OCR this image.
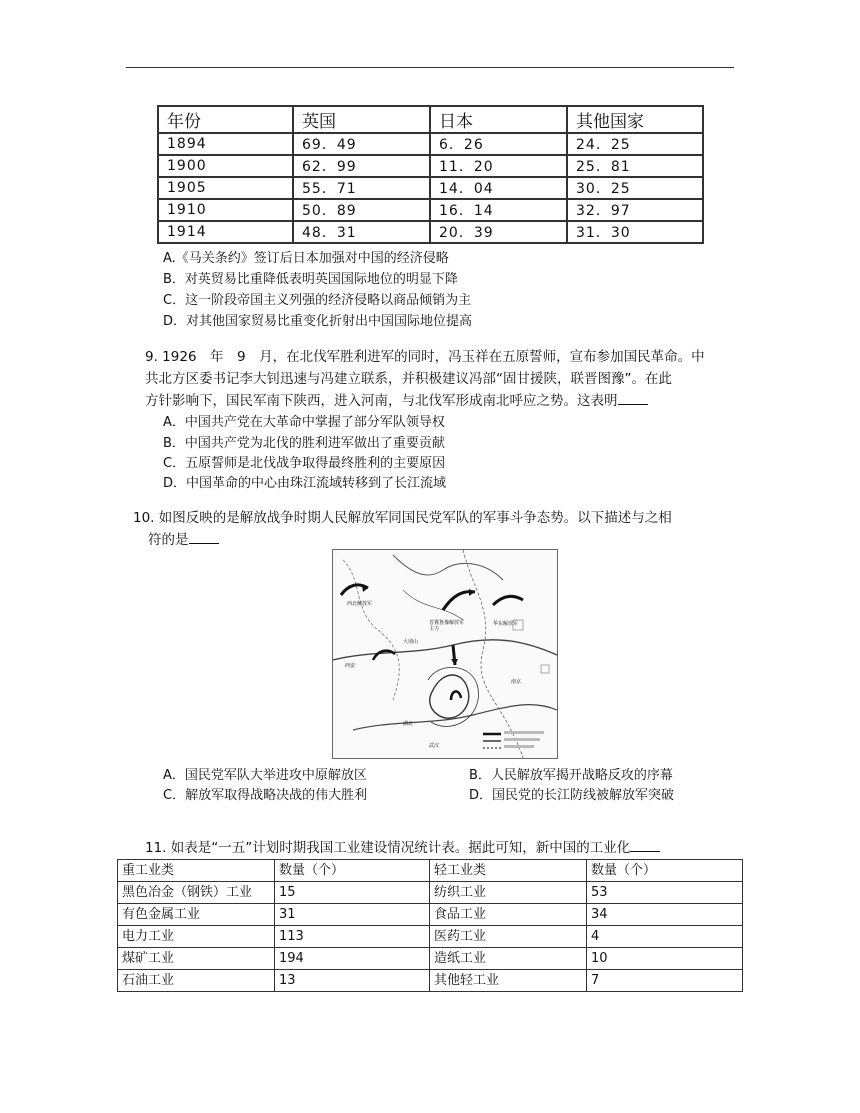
年份	英国	日本	其他国家
1894	69．49	6．26	24．25
1900	62．99	11．20	25．81
1905	55．71	14．04	30．25
1910	50．89	16．14	32．97
1914	48．31	20．39	31．30
A.《马关条约》签订后日本加强对中国的经济侵略
B．对英贸易比重降低表明英国国际地位的明显下降
C．这一阶段帝国主义列强的经济侵略以商品倾销为主
D．对其他国家贸易比重变化折射出中国国际地位提高
9. 1926　年　9　月，在北伐军胜利进军的同时，冯玉祥在五原誓师，宣布参加国民革命。中
共北方区委书记李大钊迅速与冯建立联系，并积极建议冯部“固甘援陕，联晋图豫”。在此
方针影响下，国民军南下陕西，进入河南，与北伐军形成南北呼应之势。这表明
A．中国共产党在大革命中掌握了部分军队领导权
B．中国共产党为北伐的胜利进军做出了重要贡献
C．五原誓师是北伐战争取得最终胜利的主要原因
D．中国革命的中心由珠江流域转移到了长江流域
10. 如图反映的是解放战争时期人民解放军同国民党军队的军事斗争态势。以下描述与之相
符的是
西北解放军
晋冀鲁豫解放军主力
华东解放军
大别山
西安
武汉
南京
湖北
A．国民党军队大举进攻中原解放区	B．人民解放军揭开战略反攻的序幕
C．解放军取得战略决战的伟大胜利	D．国民党的长江防线被解放军突破
11. 如表是“一五”计划时期我国工业建设情况统计表。据此可知，新中国的工业化
重工业类	数量（个）	轻工业类	数量（个）
黑色冶金（钢铁）工业	15	纺织工业	53
有色金属工业	31	食品工业	34
电力工业	113	医药工业	4
煤矿工业	194	造纸工业	10
石油工业	13	其他轻工业	7
